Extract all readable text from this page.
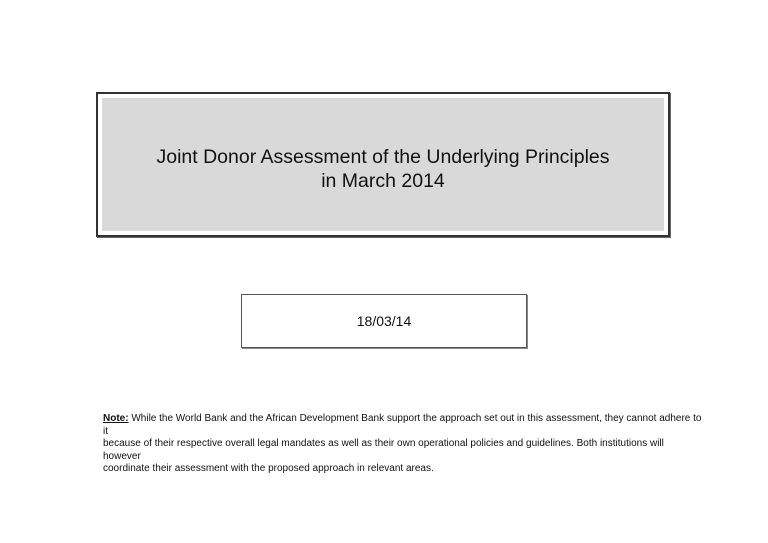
Joint Donor Assessment of the Underlying Principles
in March 2014
18/03/14
Note: While the World Bank and the African Development Bank support the approach set out in this assessment, they cannot adhere to it
because of their respective overall legal mandates as well as their own operational policies and guidelines. Both institutions will however
coordinate their assessment with the proposed approach in relevant areas.
